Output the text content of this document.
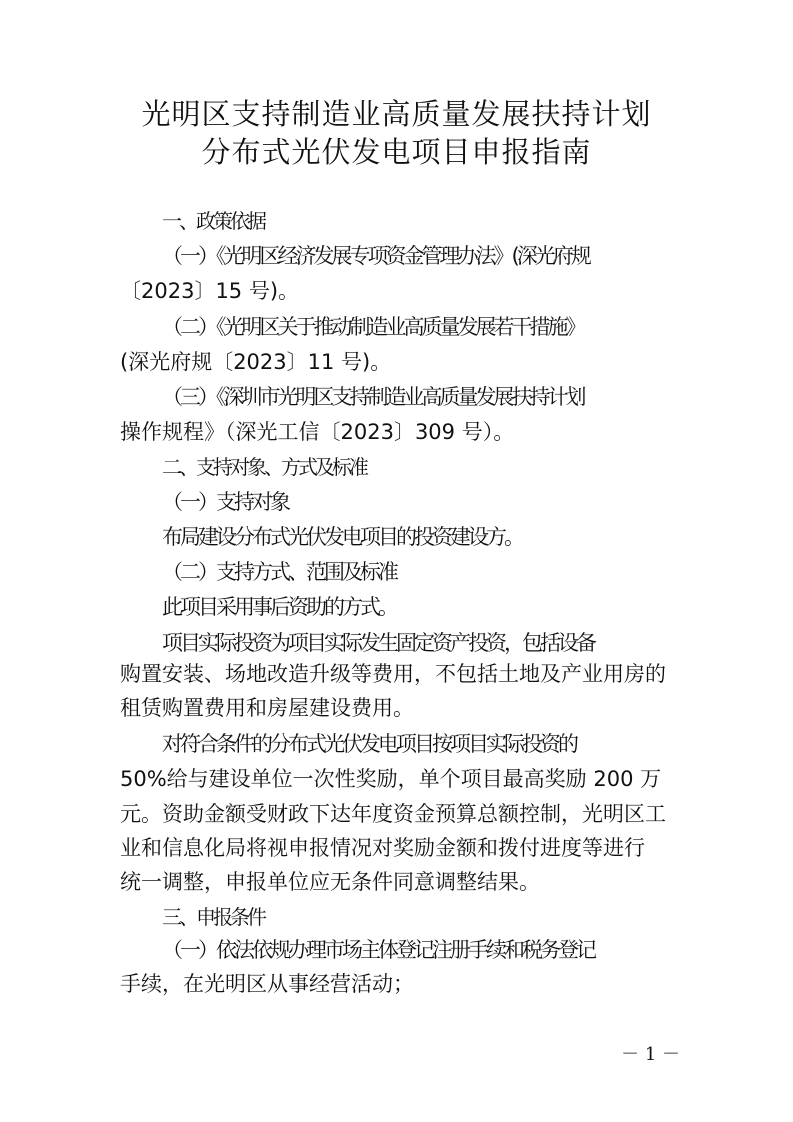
光明区支持制造业高质量发展扶持计划
分布式光伏发电项目申报指南
一、政策依据
（一）《光明区经济发展专项资金管理办法》(深光府规
〔2023〕15 号)。
（二）《光明区关于推动制造业高质量发展若干措施》
(深光府规〔2023〕11 号)。
（三）《深圳市光明区支持制造业高质量发展扶持计划
操作规程》（深光工信〔2023〕309 号）。
二、支持对象、方式及标准
（一）支持对象
布局建设分布式光伏发电项目的投资建设方。
（二）支持方式、范围及标准
此项目采用事后资助的方式。
项目实际投资为项目实际发生固定资产投资，包括设备
购置安装、场地改造升级等费用，不包括土地及产业用房的
租赁购置费用和房屋建设费用。
对符合条件的分布式光伏发电项目按项目实际投资的
50%给与建设单位一次性奖励，单个项目最高奖励 200 万
元。资助金额受财政下达年度资金预算总额控制，光明区工
业和信息化局将视申报情况对奖励金额和拨付进度等进行
统一调整，申报单位应无条件同意调整结果。
三、申报条件
（一）依法依规办理市场主体登记注册手续和税务登记
手续，在光明区从事经营活动；
－ 1 －
